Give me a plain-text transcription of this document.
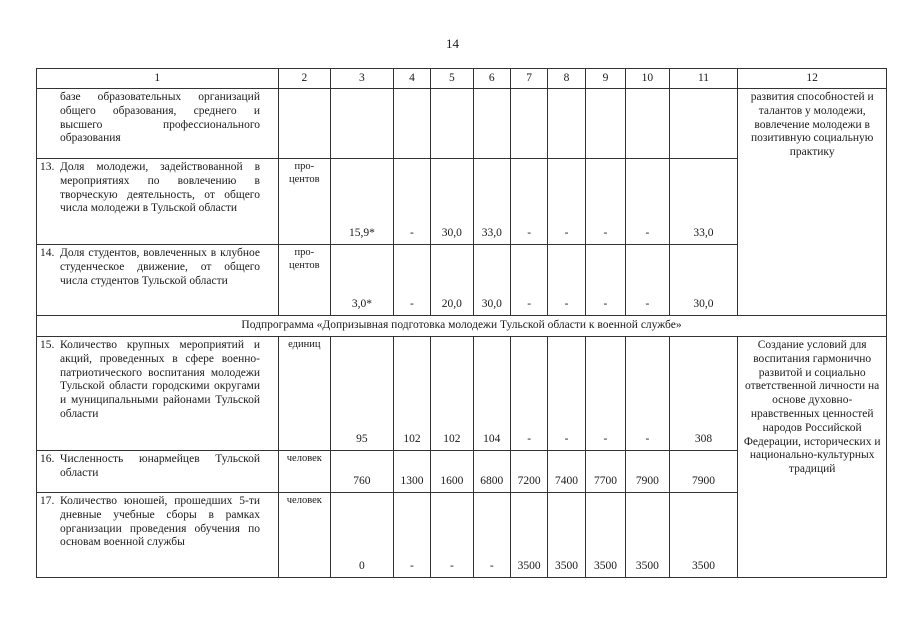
14
1	2	3	4	5	6	7	8	9	10	11	12
базе образовательных организаций общего образования, среднего и высшего профессионального образования											развития способностей и талантов у молодежи, вовлечение молодежи в позитивную социальную практику
13. Доля молодежи, задействованной в мероприятиях по вовлечению в творческую деятельность, от общего числа молодежи в Тульской области	про-центов	15,9*	-	30,0	33,0	-	-	-	-	33,0	
14. Доля студентов, вовлеченных в клубное студенческое движение, от общего числа студентов Тульской области	про-центов	3,0*	-	20,0	30,0	-	-	-	-	30,0	
Подпрограмма «Допризывная подготовка молодежи Тульской области к военной службе»											
15. Количество крупных мероприятий и акций, проведенных в сфере военно-патриотического воспитания молодежи Тульской области городскими округами и муниципальными районами Тульской области	единиц	95	102	102	104	-	-	-	-	308	Создание условий для воспитания гармонично развитой и социально ответственной личности на основе духовно-нравственных ценностей народов Российской Федерации, исторических и национально-культурных традиций
16. Численность юнармейцев Тульской области	человек	760	1300	1600	6800	7200	7400	7700	7900	7900	
17. Количество юношей, прошедших 5-ти дневные учебные сборы в рамках организации проведения обучения по основам военной службы	человек	0	-	-	-	3500	3500	3500	3500	3500	
